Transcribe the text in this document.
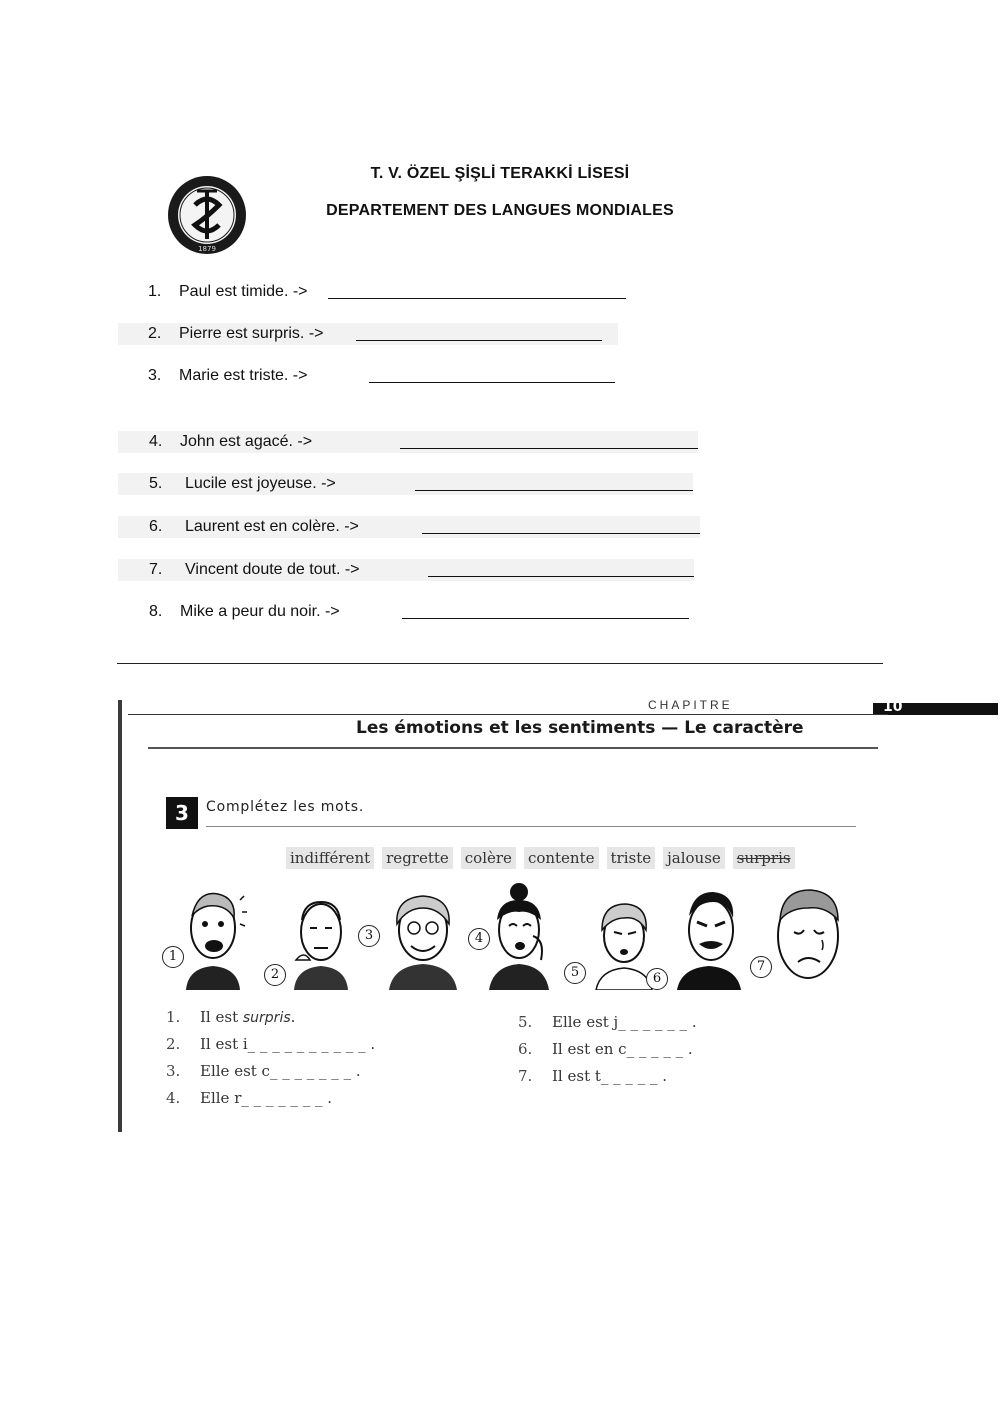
1879
T. V. ÖZEL ŞİŞLİ TERAKKİ LİSESİ
DEPARTEMENT DES LANGUES MONDIALES
1. Paul est timide. ->
2. Pierre est surpris. ->
3. Marie est triste. ->
4. John est agacé. ->
5. Lucile est joyeuse. ->
6. Laurent est en colère. ->
7. Vincent doute de tout. ->
8. Mike a peur du noir. ->
CHAPITRE	10
Les émotions et les sentiments — Le caractère
3	Complétez les mots.
indifférent regrette colère contente triste jalouse surpris
1
2
3	4
5	6
7
1. Il est surpris.
2. Il est i_ _ _ _ _ _ _ _ _ _ .
3. Elle est c_ _ _ _ _ _ _ .
4. Elle r_ _ _ _ _ _ _ .
5. Elle est j_ _ _ _ _ _ .
6. Il est en c_ _ _ _ _ .
7. Il est t_ _ _ _ _ .
